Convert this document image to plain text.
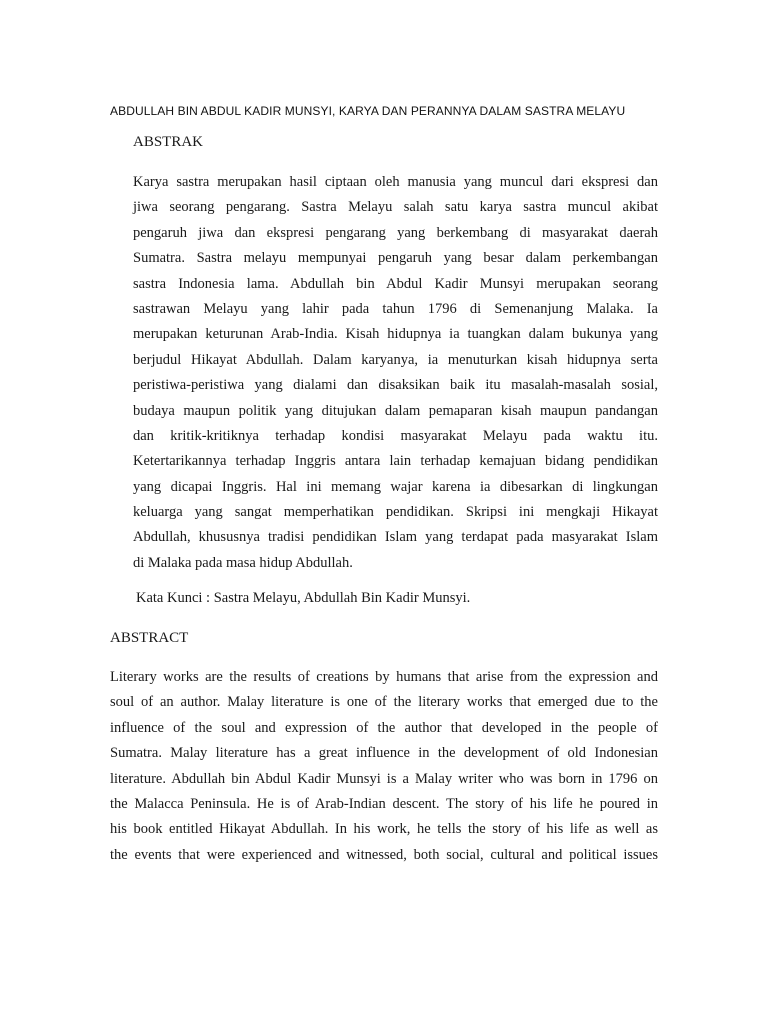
ABDULLAH BIN ABDUL KADIR MUNSYI, KARYA DAN PERANNYA DALAM SASTRA MELAYU
ABSTRAK
Karya sastra merupakan hasil ciptaan oleh manusia yang muncul dari ekspresi dan
jiwa seorang pengarang. Sastra Melayu salah satu karya sastra muncul akibat
pengaruh jiwa dan ekspresi pengarang yang berkembang di masyarakat daerah
Sumatra. Sastra melayu mempunyai pengaruh yang besar dalam perkembangan
sastra Indonesia lama. Abdullah bin Abdul Kadir Munsyi merupakan seorang
sastrawan Melayu yang lahir pada tahun 1796 di Semenanjung Malaka. Ia
merupakan keturunan Arab-India. Kisah hidupnya ia tuangkan dalam bukunya yang
berjudul Hikayat Abdullah. Dalam karyanya, ia menuturkan kisah hidupnya serta
peristiwa-peristiwa yang dialami dan disaksikan baik itu masalah-masalah sosial,
budaya maupun politik yang ditujukan dalam pemaparan kisah maupun pandangan
dan kritik-kritiknya terhadap kondisi masyarakat Melayu pada waktu itu.
Ketertarikannya terhadap Inggris antara lain terhadap kemajuan bidang pendidikan
yang dicapai Inggris. Hal ini memang wajar karena ia dibesarkan di lingkungan
keluarga yang sangat memperhatikan pendidikan. Skripsi ini mengkaji Hikayat
Abdullah, khususnya tradisi pendidikan Islam yang terdapat pada masyarakat Islam
di Malaka pada masa hidup Abdullah.
Kata Kunci : Sastra Melayu, Abdullah Bin Kadir Munsyi.
ABSTRACT
Literary works are the results of creations by humans that arise from the expression and
soul of an author. Malay literature is one of the literary works that emerged due to the
influence of the soul and expression of the author that developed in the people of
Sumatra. Malay literature has a great influence in the development of old Indonesian
literature. Abdullah bin Abdul Kadir Munsyi is a Malay writer who was born in 1796 on
the Malacca Peninsula. He is of Arab-Indian descent. The story of his life he poured in
his book entitled Hikayat Abdullah. In his work, he tells the story of his life as well as
the events that were experienced and witnessed, both social, cultural and political issues
